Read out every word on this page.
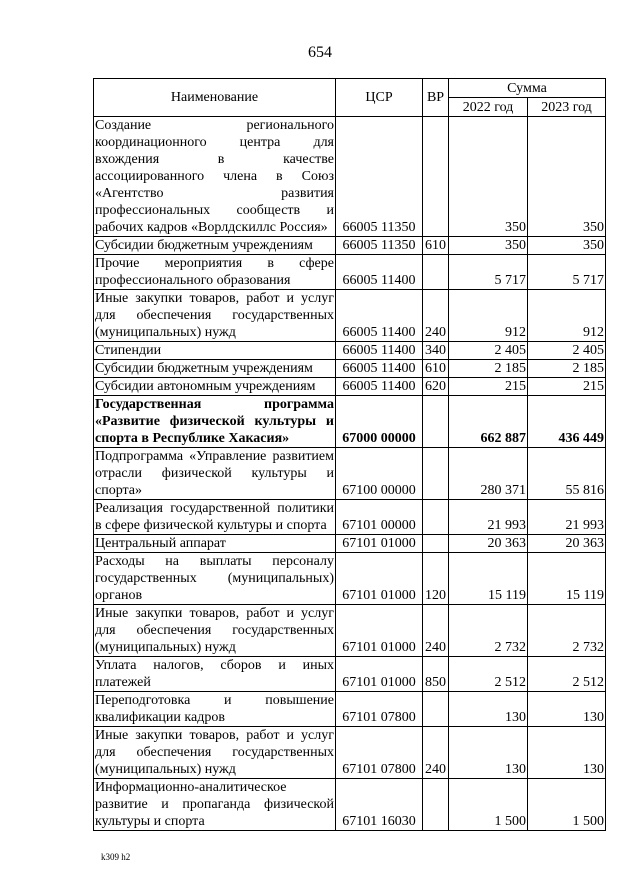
654
Наименование	ЦСР	ВР	Сумма	
			2022 год	2023 год
Создание регионального координационного центра для вхождения в качестве ассоциированного члена в Союз «Агентство развития профессиональных сообществ и рабочих кадров «Ворлдскиллс Россия»	66005 11350		350	350
Субсидии бюджетным учреждениям	66005 11350	610	350	350
Прочие мероприятия в сфере профессионального образования	66005 11400		5 717	5 717
Иные закупки товаров, работ и услуг для обеспечения государственных (муниципальных) нужд	66005 11400	240	912	912
Стипендии	66005 11400	340	2 405	2 405
Субсидии бюджетным учреждениям	66005 11400	610	2 185	2 185
Субсидии автономным учреждениям	66005 11400	620	215	215
Государственная программа «Развитие физической культуры и спорта в Республике Хакасия»	67000 00000		662 887	436 449
Подпрограмма «Управление развитием отрасли физической культуры и спорта»	67100 00000		280 371	55 816
Реализация государственной политики в сфере физической культуры и спорта	67101 00000		21 993	21 993
Центральный аппарат	67101 01000		20 363	20 363
Расходы на выплаты персоналу государственных (муниципальных) органов	67101 01000	120	15 119	15 119
Иные закупки товаров, работ и услуг для обеспечения государственных (муниципальных) нужд	67101 01000	240	2 732	2 732
Уплата налогов, сборов и иных платежей	67101 01000	850	2 512	2 512
Переподготовка и повышение квалификации кадров	67101 07800		130	130
Иные закупки товаров, работ и услуг для обеспечения государственных (муниципальных) нужд	67101 07800	240	130	130
Информационно-аналитическое развитие и пропаганда физической культуры и спорта	67101 16030		1 500	1 500
k309 h2
